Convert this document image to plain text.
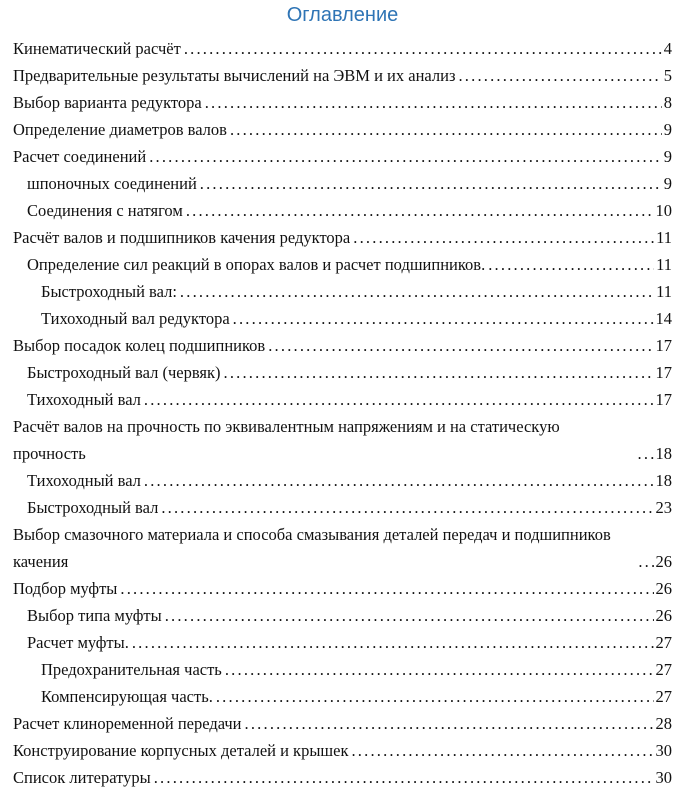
Оглавление
Кинематический расчёт .....	4
Предварительные результаты вычислений на ЭВМ и их анализ .....	5
Выбор варианта редуктора .....	8
Определение диаметров валов .....	9
Расчет соединений .....	9
шпоночных соединений .....	9
Соединения с натягом .....	10
Расчёт валов и подшипников качения редуктора .....	11
Определение сил реакций в опорах валов и расчет подшипников. .....	11
Быстроходный вал: .....	11
Тихоходный вал редуктора .....	14
Выбор посадок колец подшипников .....	17
Быстроходный вал (червяк) .....	17
Тихоходный вал .....	17
Расчёт валов на прочность по эквивалентным напряжениям и на статическую прочность .....	18
Тихоходный вал .....	18
Быстроходный вал .....	23
Выбор смазочного материала и способа смазывания деталей передач и подшипников качения .....	26
Подбор муфты .....	26
Выбор типа муфты .....	26
Расчет муфты. .....	27
Предохранительная часть .....	27
Компенсирующая часть. .....	27
Расчет клиноременной передачи .....	28
Конструирование корпусных деталей и крышек .....	30
Список литературы .....	30
